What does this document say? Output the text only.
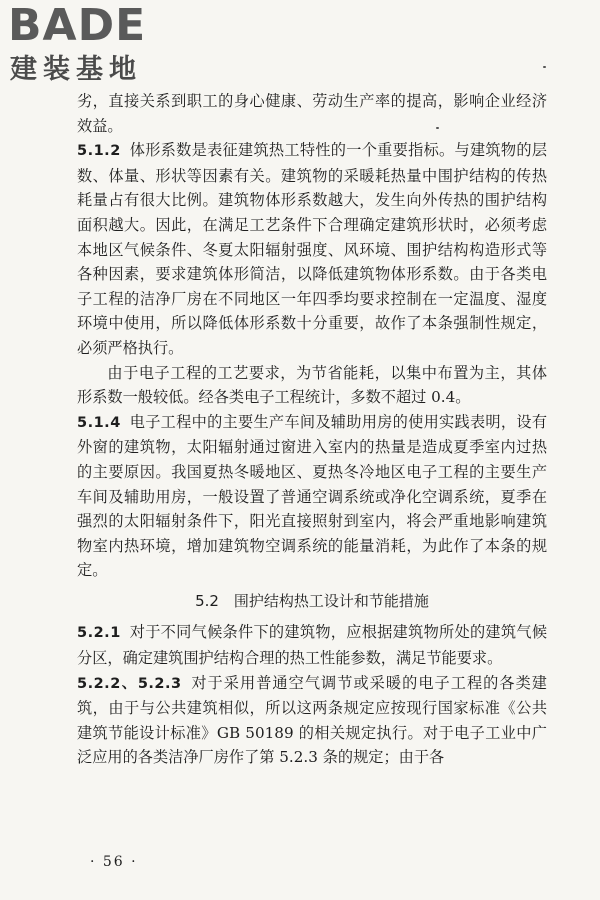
BADE
建装基地

劣，直接关系到职工的身心健康、劳动生产率的提高，影响企业经济效益。

5.1.2 体形系数是表征建筑热工特性的一个重要指标。与建筑物的层数、体量、形状等因素有关。建筑物的采暖耗热量中围护结构的传热耗量占有很大比例。建筑物体形系数越大，发生向外传热的围护结构面积越大。因此，在满足工艺条件下合理确定建筑形状时，必须考虑本地区气候条件、冬夏太阳辐射强度、风环境、围护结构构造形式等各种因素，要求建筑体形简洁，以降低建筑物体形系数。由于各类电子工程的洁净厂房在不同地区一年四季均要求控制在一定温度、湿度环境中使用，所以降低体形系数十分重要，故作了本条强制性规定，必须严格执行。

由于电子工程的工艺要求，为节省能耗，以集中布置为主，其体形系数一般较低。经各类电子工程统计，多数不超过 0.4。

5.1.4 电子工程中的主要生产车间及辅助用房的使用实践表明，设有外窗的建筑物，太阳辐射通过窗进入室内的热量是造成夏季室内过热的主要原因。我国夏热冬暖地区、夏热冬冷地区电子工程的主要生产车间及辅助用房，一般设置了普通空调系统或净化空调系统，夏季在强烈的太阳辐射条件下，阳光直接照射到室内，将会严重地影响建筑物室内热环境，增加建筑物空调系统的能量消耗，为此作了本条的规定。

5.2 围护结构热工设计和节能措施

5.2.1 对于不同气候条件下的建筑物，应根据建筑物所处的建筑气候分区，确定建筑围护结构合理的热工性能参数，满足节能要求。

5.2.2、5.2.3 对于采用普通空气调节或采暖的电子工程的各类建筑，由于与公共建筑相似，所以这两条规定应按现行国家标准《公共建筑节能设计标准》GB 50189 的相关规定执行。对于电子工业中广泛应用的各类洁净厂房作了第 5.2.3 条的规定；由于各

· 56 ·
